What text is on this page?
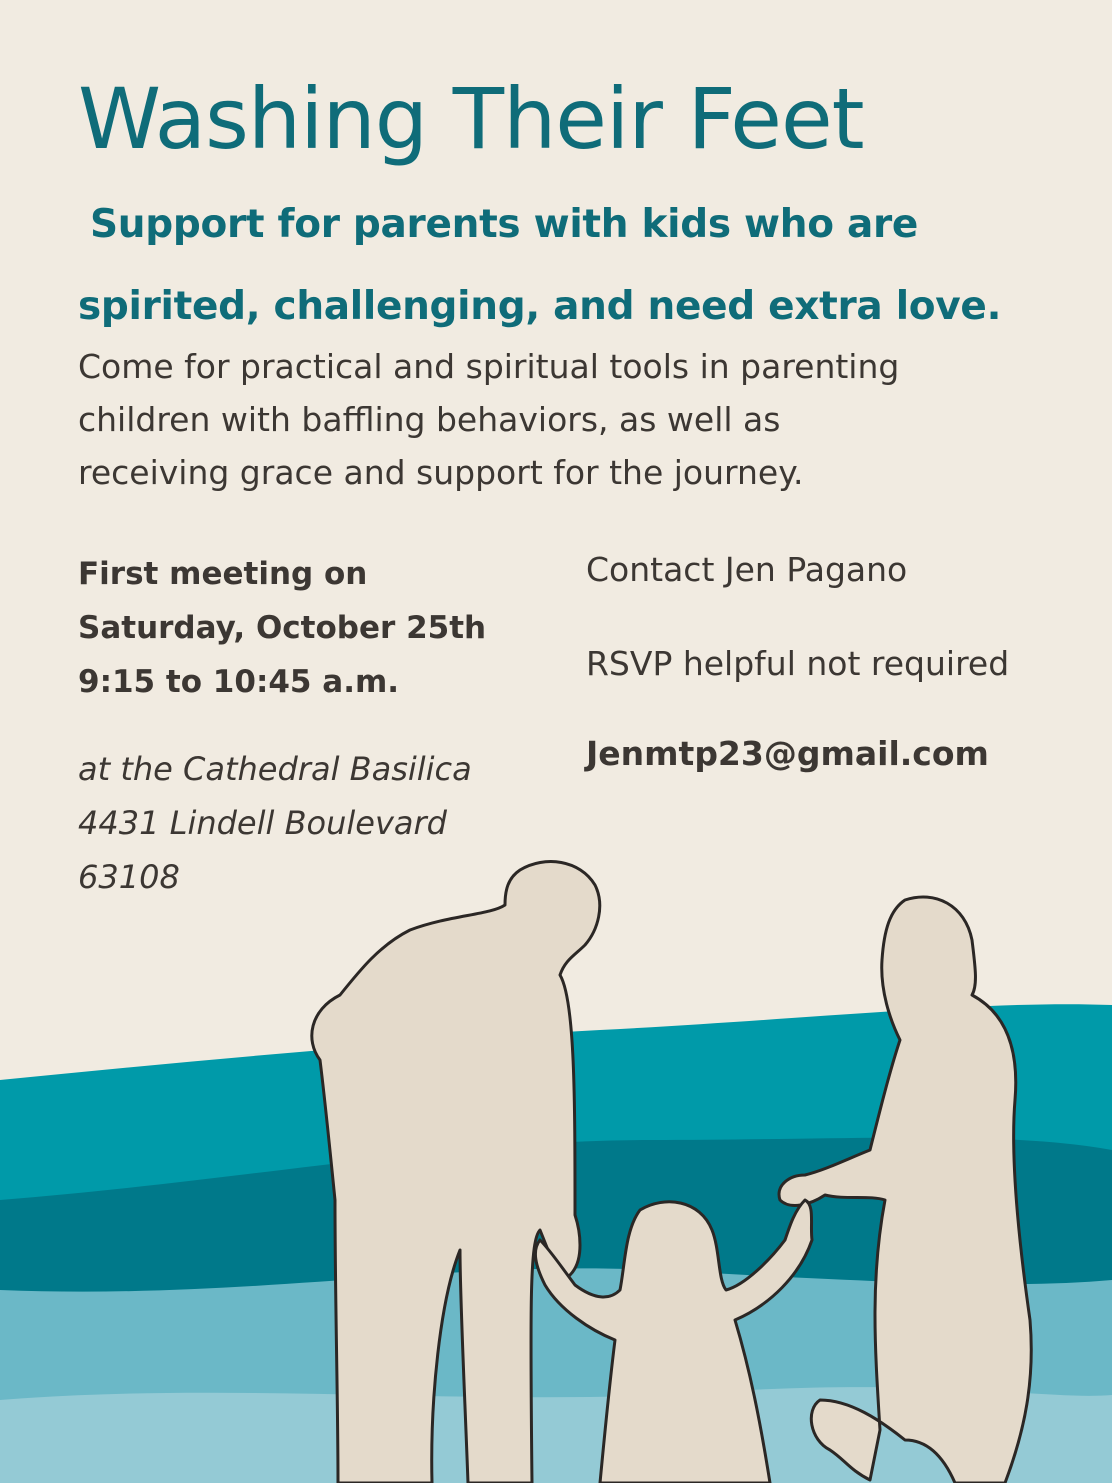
Washing Their Feet

Support for parents with kids who are

spirited, challenging, and need extra love.

Come for practical and spiritual tools in parenting
children with baffling behaviors, as well as
receiving grace and support for the journey.
First meeting on
Saturday, October 25th
9:15 to 10:45 a.m.
at the Cathedral Basilica
4431 Lindell Boulevard
63108
Contact Jen Pagano
RSVP helpful not required
Jenmtp23@gmail.com
